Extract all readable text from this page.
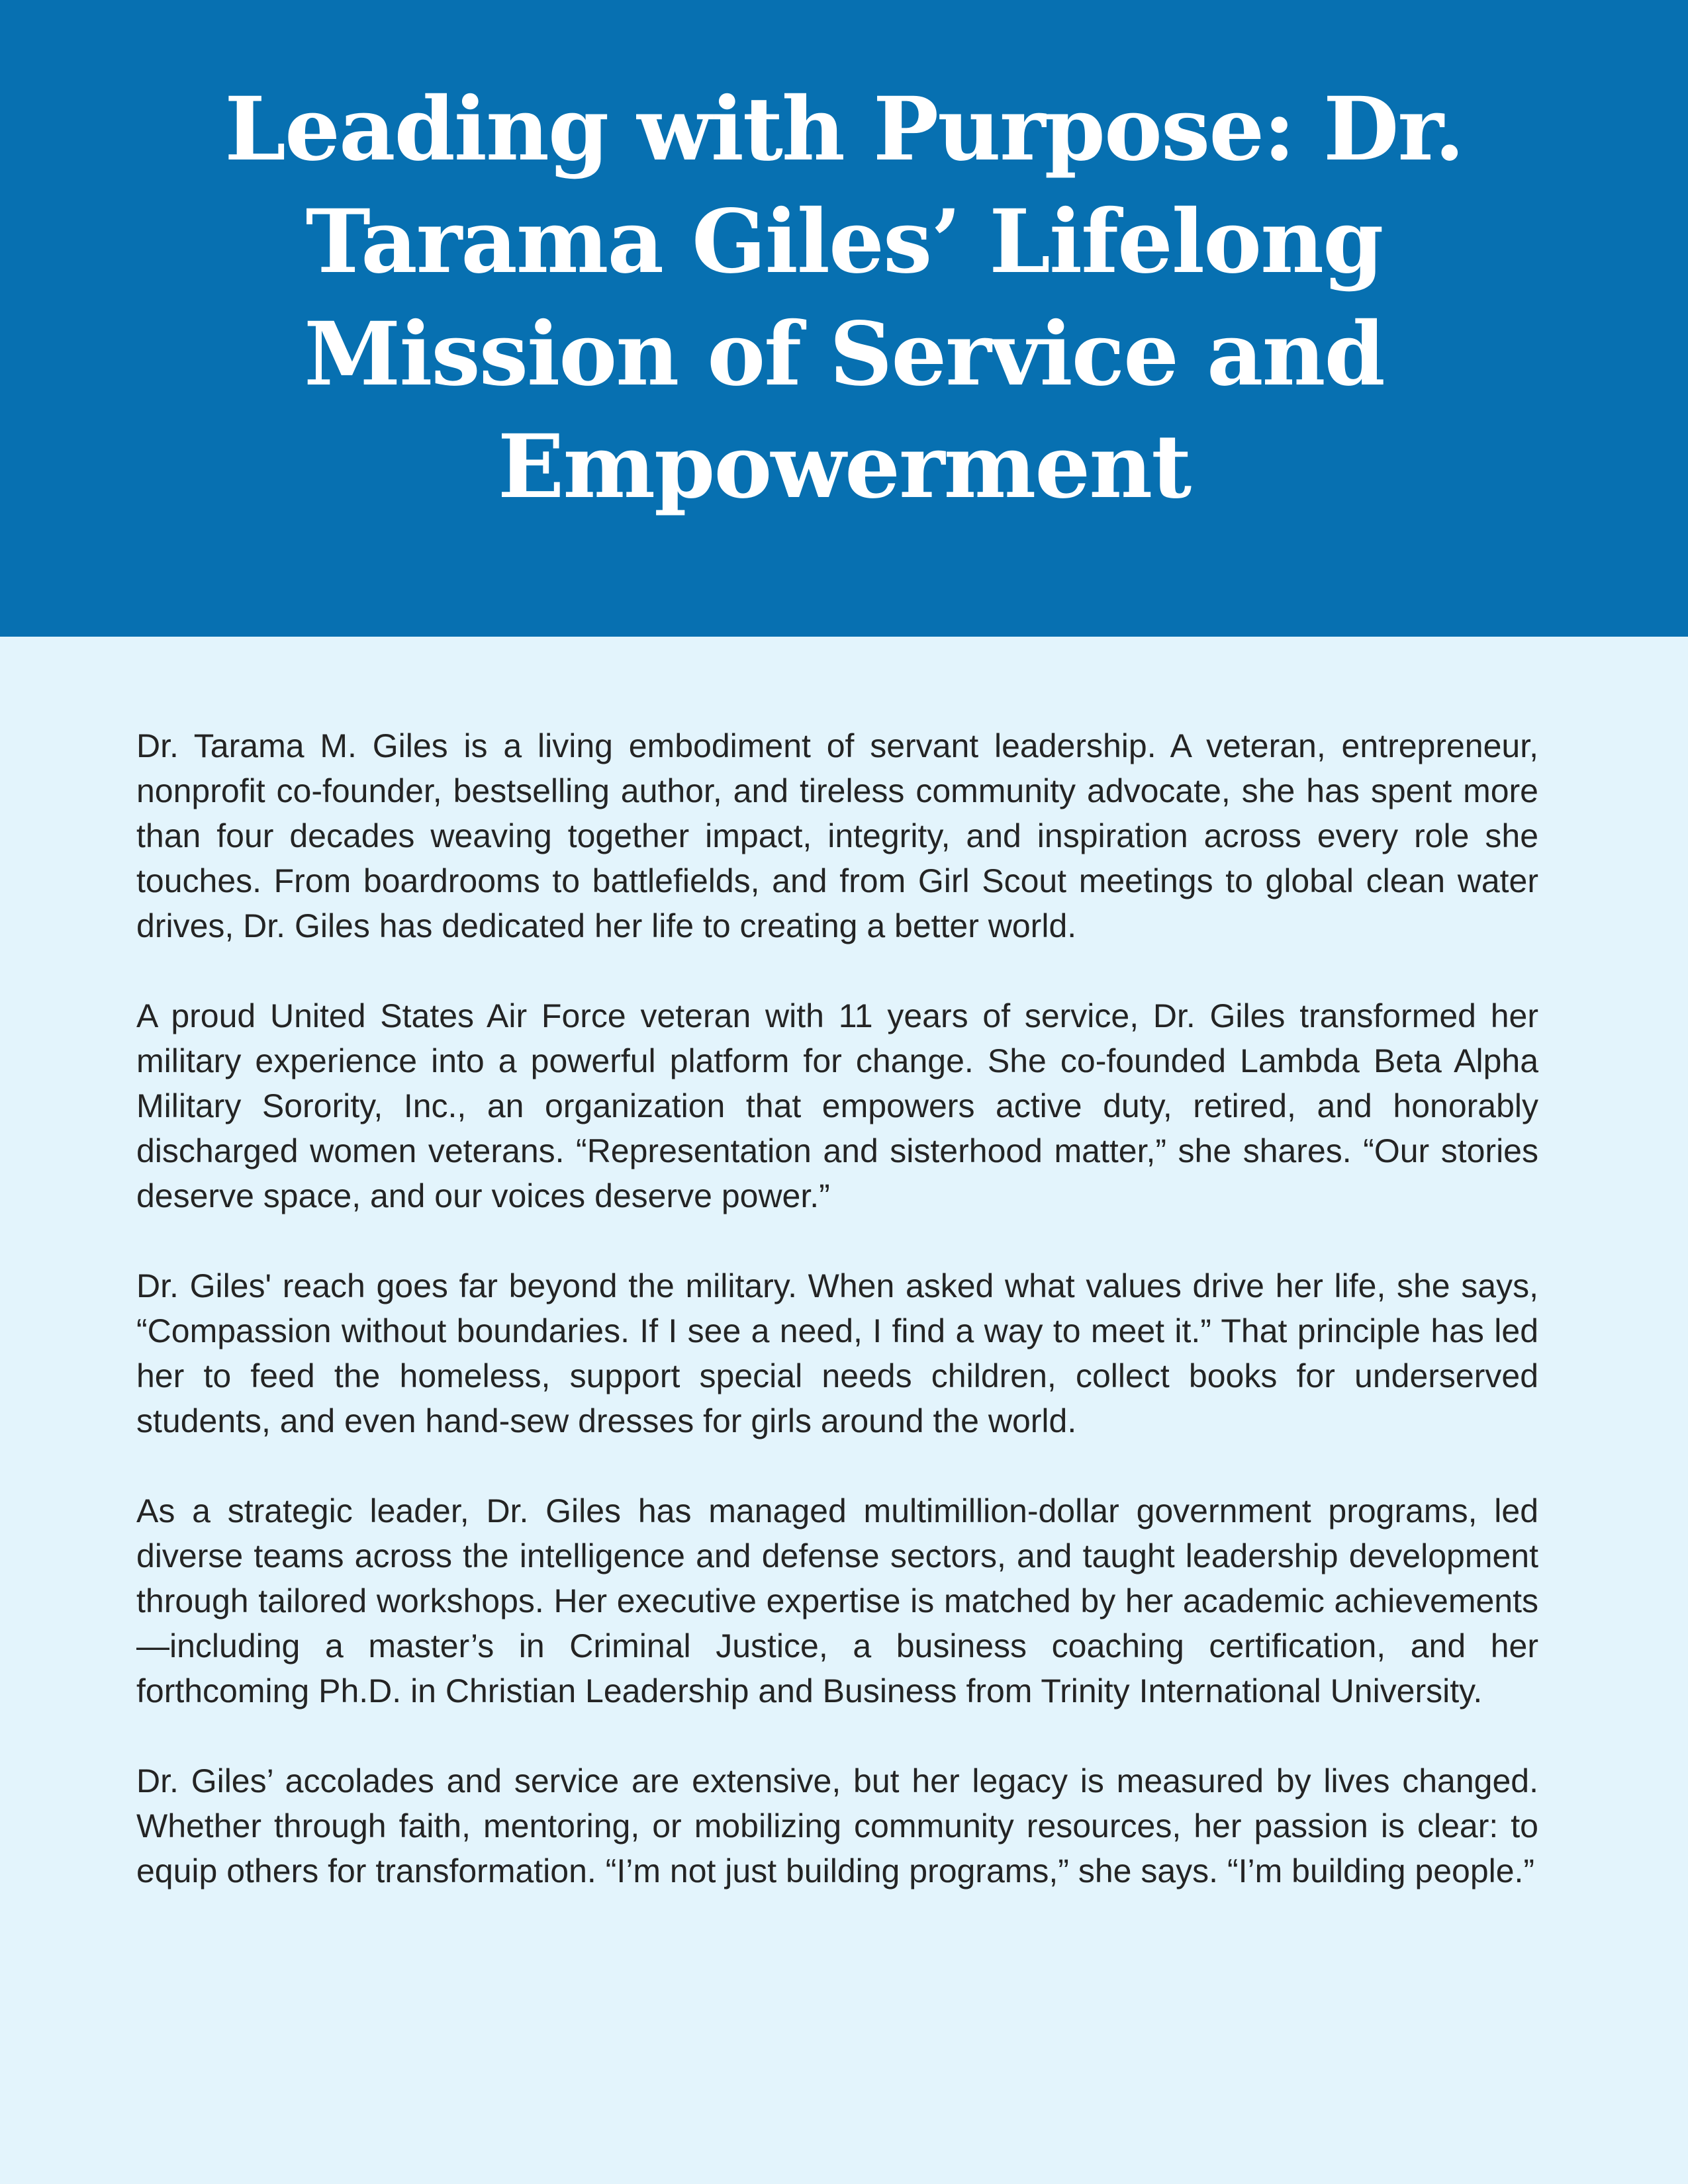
Leading with Purpose: Dr. Tarama Giles’ Lifelong Mission of Service and Empowerment

Dr. Tarama M. Giles is a living embodiment of servant leadership. A veteran, entrepreneur, nonprofit co-founder, bestselling author, and tireless community advocate, she has spent more than four decades weaving together impact, integrity, and inspiration across every role she touches. From boardrooms to battlefields, and from Girl Scout meetings to global clean water drives, Dr. Giles has dedicated her life to creating a better world.

A proud United States Air Force veteran with 11 years of service, Dr. Giles transformed her military experience into a powerful platform for change. She co-founded Lambda Beta Alpha Military Sorority, Inc., an organization that empowers active duty, retired, and honorably discharged women veterans. “Representation and sisterhood matter,” she shares. “Our stories deserve space, and our voices deserve power.”

Dr. Giles' reach goes far beyond the military. When asked what values drive her life, she says, “Compassion without boundaries. If I see a need, I find a way to meet it.” That principle has led her to feed the homeless, support special needs children, collect books for underserved students, and even hand-sew dresses for girls around the world.

As a strategic leader, Dr. Giles has managed multimillion-dollar government programs, led diverse teams across the intelligence and defense sectors, and taught leadership development through tailored workshops. Her executive expertise is matched by her academic achievements—including a master’s in Criminal Justice, a business coaching certification, and her forthcoming Ph.D. in Christian Leadership and Business from Trinity International University.

Dr. Giles’ accolades and service are extensive, but her legacy is measured by lives changed. Whether through faith, mentoring, or mobilizing community resources, her passion is clear: to equip others for transformation. “I’m not just building programs,” she says. “I’m building people.”
